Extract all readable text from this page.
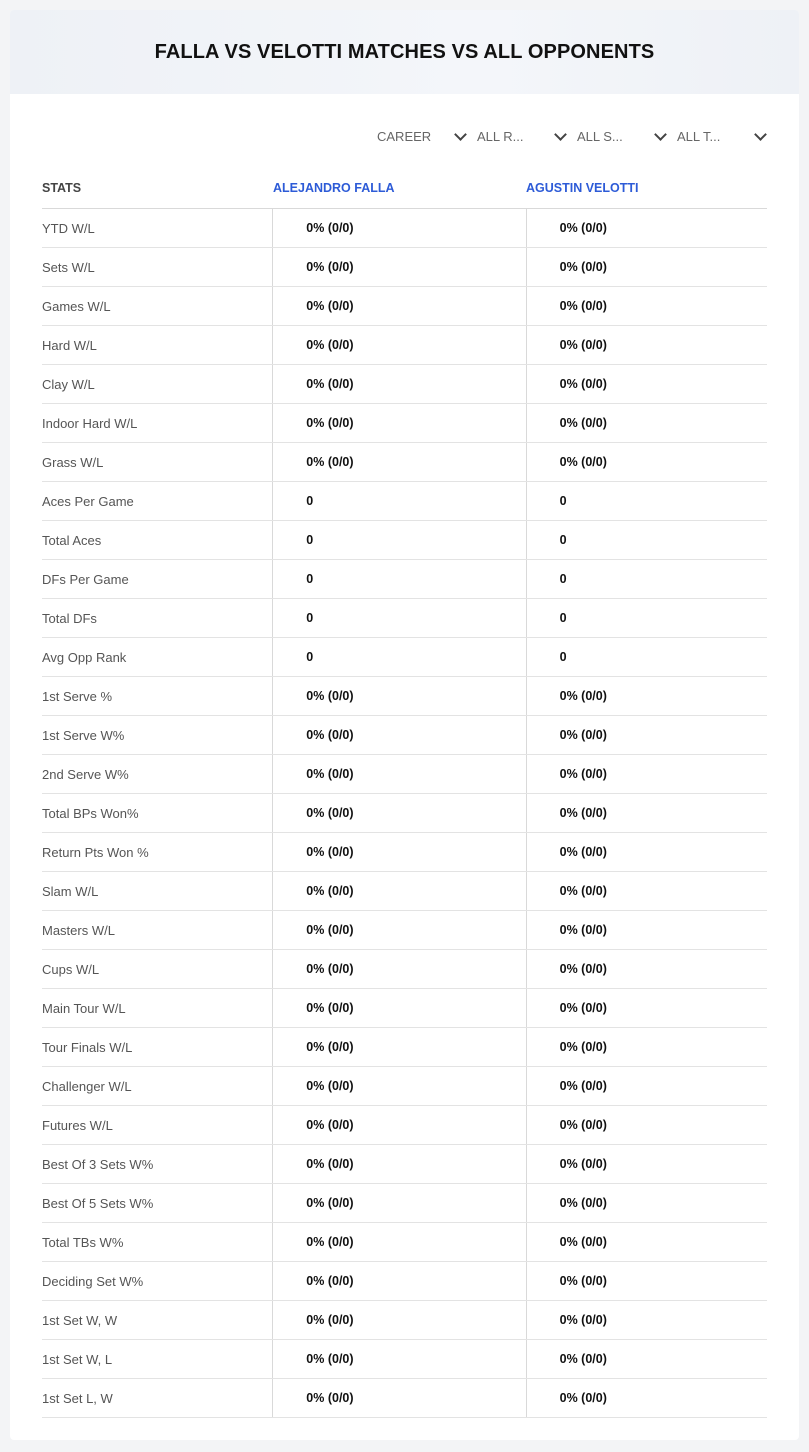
FALLA VS VELOTTI MATCHES VS ALL OPPONENTS
CAREER	ALL R...	ALL S...	ALL T...
STATS	ALEJANDRO FALLA	AGUSTIN VELOTTI
YTD W/L	0% (0/0)	0% (0/0)
Sets W/L	0% (0/0)	0% (0/0)
Games W/L	0% (0/0)	0% (0/0)
Hard W/L	0% (0/0)	0% (0/0)
Clay W/L	0% (0/0)	0% (0/0)
Indoor Hard W/L	0% (0/0)	0% (0/0)
Grass W/L	0% (0/0)	0% (0/0)
Aces Per Game	0	0
Total Aces	0	0
DFs Per Game	0	0
Total DFs	0	0
Avg Opp Rank	0	0
1st Serve %	0% (0/0)	0% (0/0)
1st Serve W%	0% (0/0)	0% (0/0)
2nd Serve W%	0% (0/0)	0% (0/0)
Total BPs Won%	0% (0/0)	0% (0/0)
Return Pts Won %	0% (0/0)	0% (0/0)
Slam W/L	0% (0/0)	0% (0/0)
Masters W/L	0% (0/0)	0% (0/0)
Cups W/L	0% (0/0)	0% (0/0)
Main Tour W/L	0% (0/0)	0% (0/0)
Tour Finals W/L	0% (0/0)	0% (0/0)
Challenger W/L	0% (0/0)	0% (0/0)
Futures W/L	0% (0/0)	0% (0/0)
Best Of 3 Sets W%	0% (0/0)	0% (0/0)
Best Of 5 Sets W%	0% (0/0)	0% (0/0)
Total TBs W%	0% (0/0)	0% (0/0)
Deciding Set W%	0% (0/0)	0% (0/0)
1st Set W, W	0% (0/0)	0% (0/0)
1st Set W, L	0% (0/0)	0% (0/0)
1st Set L, W	0% (0/0)	0% (0/0)
